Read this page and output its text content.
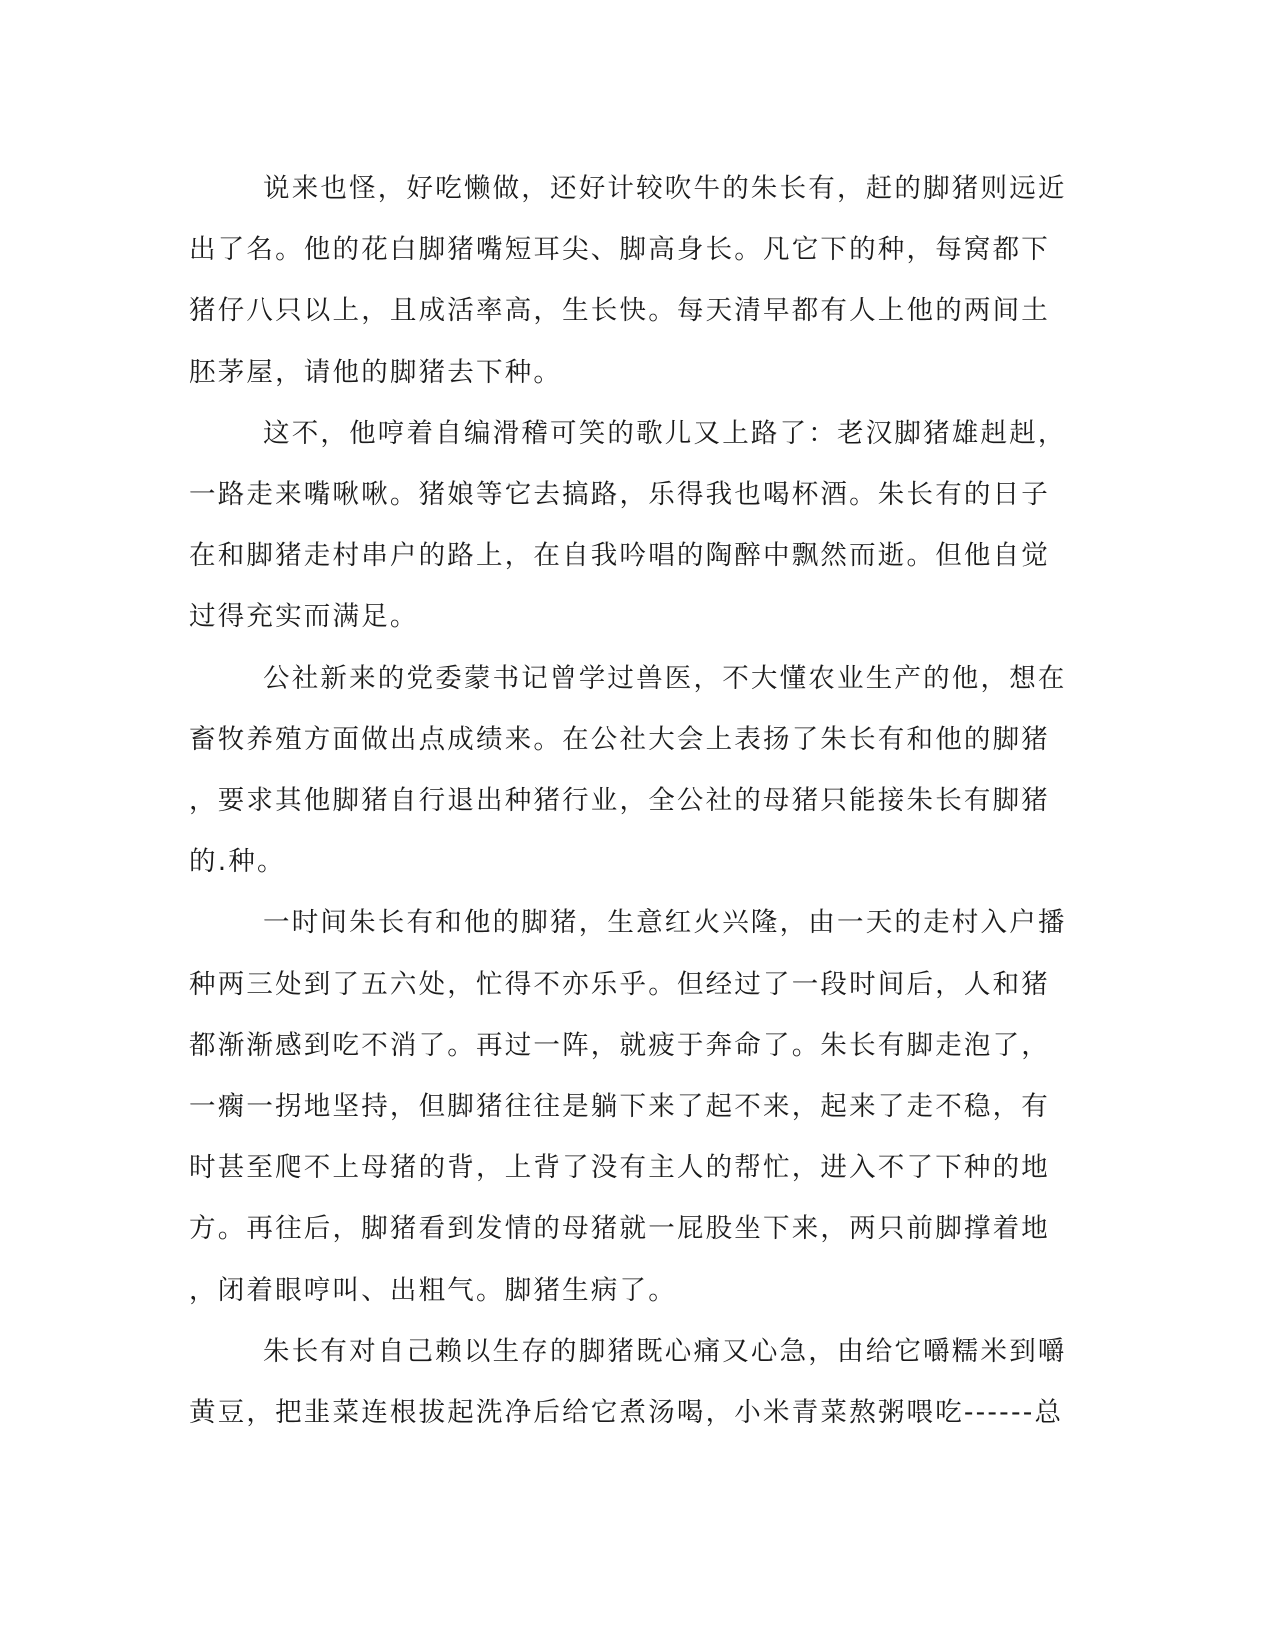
说来也怪，好吃懒做，还好计较吹牛的朱长有，赶的脚猪则远近
出了名。他的花白脚猪嘴短耳尖、脚高身长。凡它下的种，每窝都下
猪仔八只以上，且成活率高，生长快。每天清早都有人上他的两间土
胚茅屋，请他的脚猪去下种。

这不，他哼着自编滑稽可笑的歌儿又上路了：老汉脚猪雄赳赳，
一路走来嘴啾啾。猪娘等它去搞路，乐得我也喝杯酒。朱长有的日子
在和脚猪走村串户的路上，在自我吟唱的陶醉中飘然而逝。但他自觉
过得充实而满足。

公社新来的党委蒙书记曾学过兽医，不大懂农业生产的他，想在
畜牧养殖方面做出点成绩来。在公社大会上表扬了朱长有和他的脚猪
，要求其他脚猪自行退出种猪行业，全公社的母猪只能接朱长有脚猪
的.种。

一时间朱长有和他的脚猪，生意红火兴隆，由一天的走村入户播
种两三处到了五六处，忙得不亦乐乎。但经过了一段时间后，人和猪
都渐渐感到吃不消了。再过一阵，就疲于奔命了。朱长有脚走泡了，
一瘸一拐地坚持，但脚猪往往是躺下来了起不来，起来了走不稳，有
时甚至爬不上母猪的背，上背了没有主人的帮忙，进入不了下种的地
方。再往后，脚猪看到发情的母猪就一屁股坐下来，两只前脚撑着地
，闭着眼哼叫、出粗气。脚猪生病了。

朱长有对自己赖以生存的脚猪既心痛又心急，由给它嚼糯米到嚼
黄豆，把韭菜连根拔起洗净后给它煮汤喝，小米青菜熬粥喂吃------总
